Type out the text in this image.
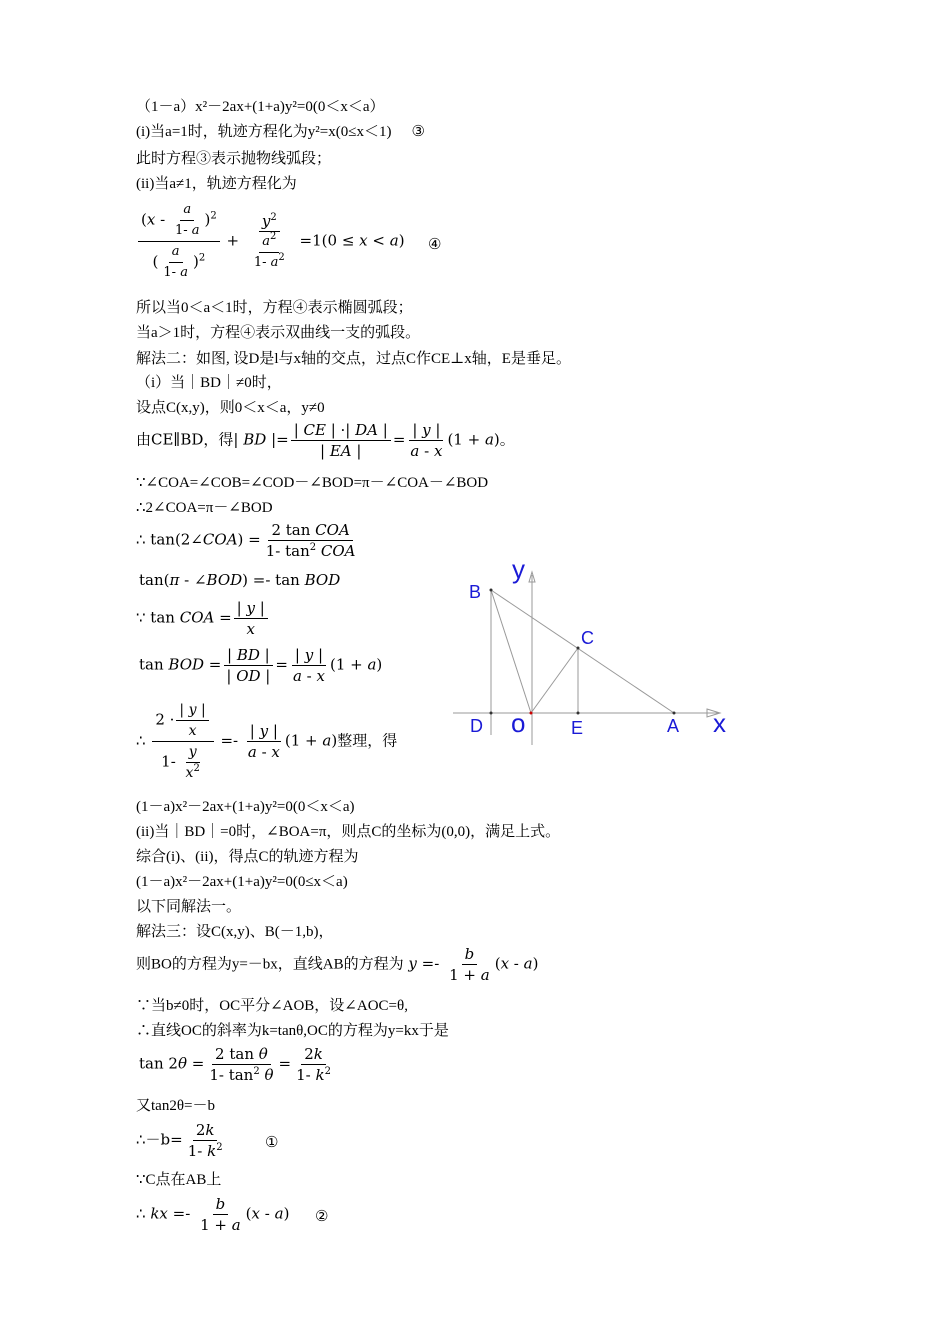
（1－a）x²－2ax+(1+a)y²=0(0＜x＜a）
(i)当a=1时，轨迹方程化为y²=x(0≤x＜1) ③
此时方程③表示抛物线弧段；
(ii)当a≠1，轨迹方程化为
$\frac{(x - \frac{a}{1- a} )^2}{( \frac{a}{1- a} )^2} + \frac{y^2}{\frac{a^2}{1- a^2}} =1(0 \le x < a)$ ④
所以当0＜a＜1时，方程④表示椭圆弧段；
当a＞1时，方程④表示双曲线一支的弧段。
解法二：如图, 设D是l与x轴的交点，过点C作CE⊥x轴，E是垂足。
（i）当｜BD｜≠0时，
设点C(x,y)，则0＜x＜a，y≠0
由CE∥BD，得| BD |= $\frac{| CE | \cdot| DA |}{| EA |} = \frac{| y |}{a - x} (1 + a)$。
∵∠COA=∠COB=∠COD－∠BOD=π－∠COA－∠BOD
∴2∠COA=π－∠BOD
∴ tan(2∠COA) = $\frac{\text{2 tan COA}}{1- \tan^2 COA}$
tan(π - ∠BOD) =- tan BOD
∵ tan COA = $\frac{| y |}{x}$
tan BOD = $\frac{| BD |}{| OD |} = \frac{| y |}{a - x} (1 + a)$
∴ $\frac{2 \cdot \frac{| y |}{x}}{1- \frac{y}{x^2}} =- \frac{| y |}{a - x} (1 + a)$整理，得
(1－a)x²－2ax+(1+a)y²=0(0＜x＜a)
(ii)当｜BD｜=0时，∠BOA=π，则点C的坐标为(0,0)，满足上式。
综合(i)、(ii)，得点C的轨迹方程为
(1－a)x²－2ax+(1+a)y²=0(0≤x＜a)
以下同解法一。
解法三：设C(x,y)、B(－1,b)，
则BO的方程为y=－bx，直线AB的方程为 $y =- \frac{b}{1 + a} (x - a)$
∵当b≠0时，OC平分∠AOB，设∠AOC=θ,
∴直线OC的斜率为k=tanθ,OC的方程为y=kx于是
$\tan 2\theta = \frac{\text{2 tan θ}}{1- \tan^2 \theta} = \frac{2k}{1- k^2}$
又tan2θ=－b
∴－b= $\frac{2k}{1- k^2}$	①
∵C点在AB上
∴ kx =- $\frac{b}{1 + a} (x - a)$ ②
y
x
B
C
D o	E	A
